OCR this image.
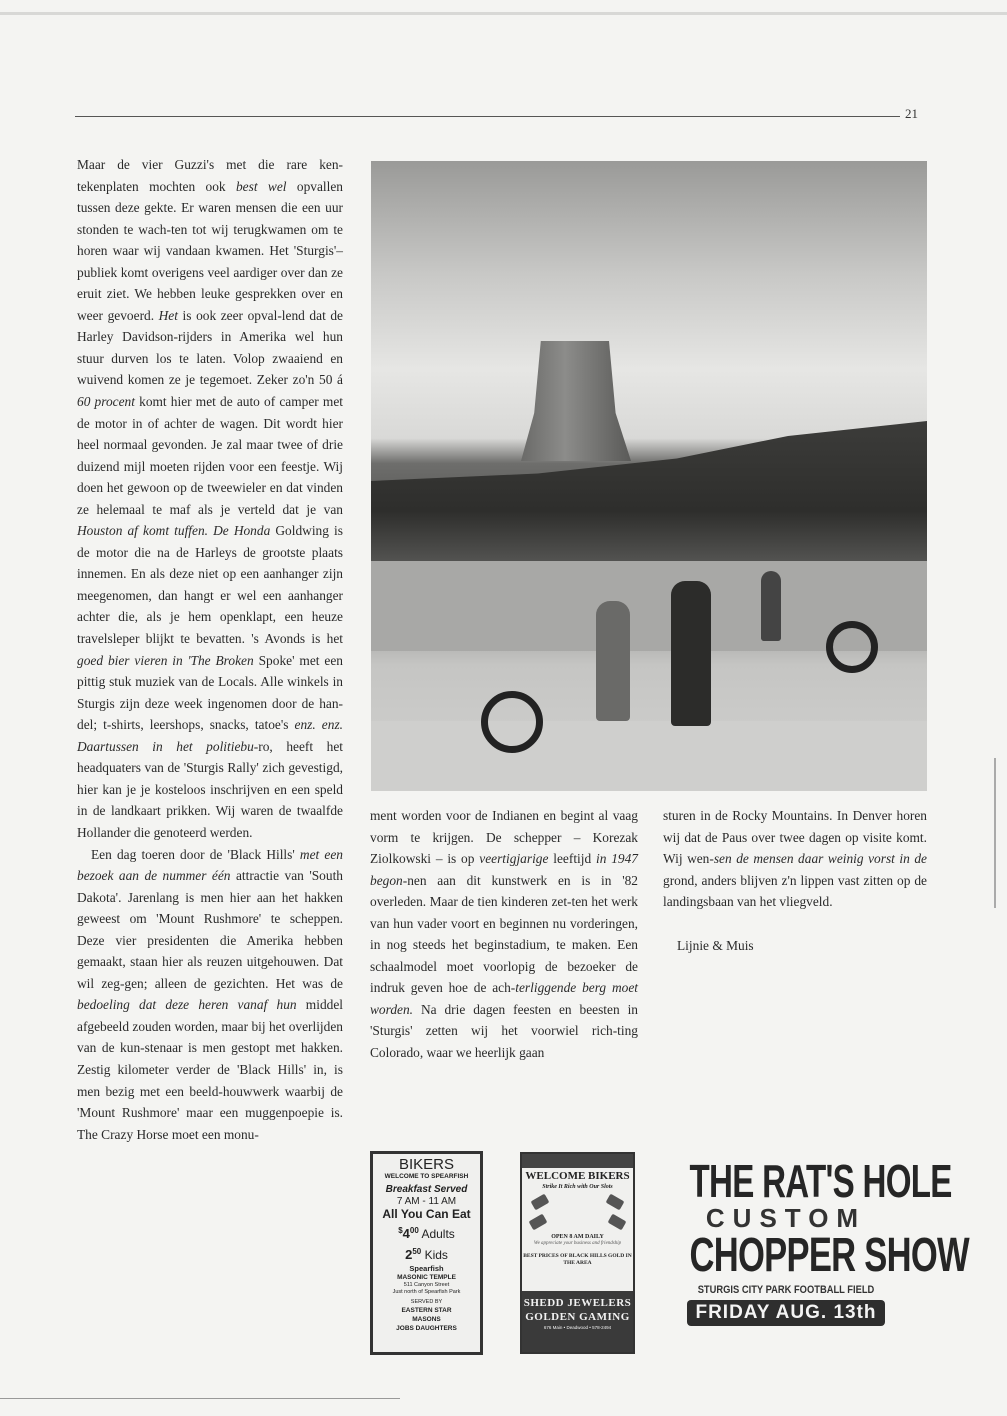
21

Maar de vier Guzzi's met die rare ken-tekenplaten mochten ook best wel opvallen tussen deze gekte. Er waren mensen die een uur stonden te wach-ten tot wij terugkwamen om te horen waar wij vandaan kwamen. Het 'Sturgis'–publiek komt overigens veel aardiger over dan ze eruit ziet. We hebben leuke gesprekken over en weer gevoerd. Het is ook zeer opval-lend dat de Harley Davidson-rijders in Amerika wel hun stuur durven los te laten. Volop zwaaiend en wuivend komen ze je tegemoet. Zeker zo'n 50 á 60 procent komt hier met de auto of camper met de motor in of achter de wagen. Dit wordt hier heel normaal gevonden. Je zal maar twee of drie duizend mijl moeten rijden voor een feestje. Wij doen het gewoon op de tweewieler en dat vinden ze helemaal te maf als je verteld dat je van Houston af komt tuffen. De Honda Goldwing is de motor die na de Harleys de grootste plaats innemen. En als deze niet op een aanhanger zijn meegenomen, dan hangt er wel een aanhanger achter die, als je hem openklapt, een heuze travelsleper blijkt te bevatten. 's Avonds is het goed bier vieren in 'The Broken Spoke' met een pittig stuk muziek van de Locals. Alle winkels in Sturgis zijn deze week ingenomen door de han-del; t-shirts, leershops, snacks, tatoe's enz. enz. Daartussen in het politiebu-ro, heeft het headquaters van de 'Sturgis Rally' zich gevestigd, hier kan je je kosteloos inschrijven en een speld in de landkaart prikken. Wij waren de twaalfde Hollander die genoteerd werden.

Een dag toeren door de 'Black Hills' met een bezoek aan de nummer één attractie van 'South Dakota'. Jarenlang is men hier aan het hakken geweest om 'Mount Rushmore' te scheppen. Deze vier presidenten die Amerika hebben gemaakt, staan hier als reuzen uitgehouwen. Dat wil zeg-gen; alleen de gezichten. Het was de bedoeling dat deze heren vanaf hun middel afgebeeld zouden worden, maar bij het overlijden van de kun-stenaar is men gestopt met hakken. Zestig kilometer verder de 'Black Hills' in, is men bezig met een beeld-houwwerk waarbij de 'Mount Rushmore' maar een muggenpoepie is. The Crazy Horse moet een monu-

ment worden voor de Indianen en begint al vaag vorm te krijgen. De schepper – Korezak Ziolkowski – is op veertigjarige leeftijd in 1947 begon-nen aan dit kunstwerk en is in '82 overleden. Maar de tien kinderen zet-ten het werk van hun vader voort en beginnen nu vorderingen, in nog steeds het beginstadium, te maken. Een schaalmodel moet voorlopig de bezoeker de indruk geven hoe de ach-terliggende berg moet worden. Na drie dagen feesten en beesten in 'Sturgis' zetten wij het voorwiel rich-ting Colorado, waar we heerlijk gaan

sturen in de Rocky Mountains. In Denver horen wij dat de Paus over twee dagen op visite komt. Wij wen-sen de mensen daar weinig vorst in de grond, anders blijven z'n lippen vast zitten op de landingsbaan van het vliegveld.

Lijnie & Muis

BIKERS
WELCOME TO SPEARFISH
Breakfast Served
7 AM - 11 AM
All You Can Eat
$^{\$}4^{00}$ Adults
$2^{50}$ Kids
Spearfish
MASONIC TEMPLE
511 Canyon Street
Just north of Spearfish Park
SERVED BY
EASTERN STAR
MASONS
JOBS DAUGHTERS
WELCOME BIKERS
Strike It Rich with Our Slots
OPEN 8 AM DAILY
We appreciate your business and friendship
BEST PRICES OF BLACK HILLS GOLD IN THE AREA
SHEDD JEWELERS
GOLDEN GAMING
676 Main • Deadwood • 578-2494
THE RAT'S HOLE
CUSTOM
CHOPPER SHOW
STURGIS CITY PARK FOOTBALL FIELD
FRIDAY AUG. 13th
